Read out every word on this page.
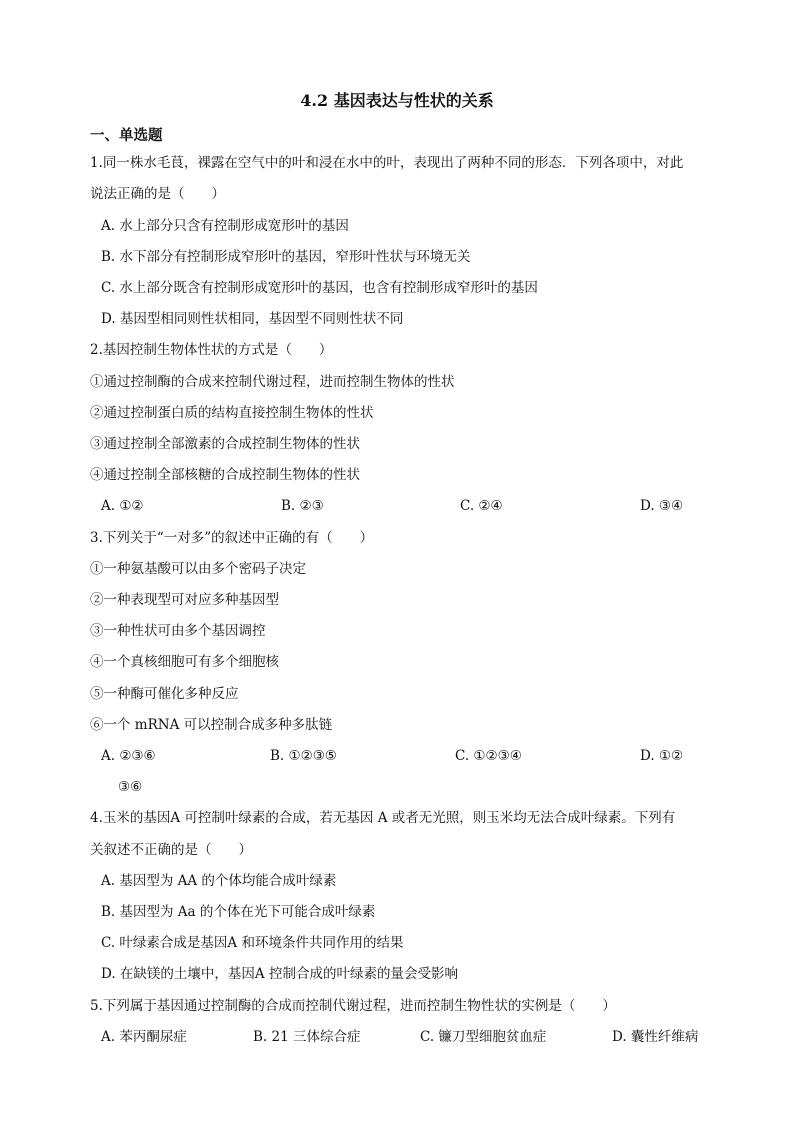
4.2 基因表达与性状的关系
一、单选题
1.同一株水毛茛，裸露在空气中的叶和浸在水中的叶，表现出了两种不同的形态．下列各项中，对此
说法正确的是（　　）
A. 水上部分只含有控制形成宽形叶的基因
B. 水下部分有控制形成窄形叶的基因，窄形叶性状与环境无关
C. 水上部分既含有控制形成宽形叶的基因，也含有控制形成窄形叶的基因
D. 基因型相同则性状相同，基因型不同则性状不同
2.基因控制生物体性状的方式是（　　）
①通过控制酶的合成来控制代谢过程，进而控制生物体的性状
②通过控制蛋白质的结构直接控制生物体的性状
③通过控制全部激素的合成控制生物体的性状
④通过控制全部核糖的合成控制生物体的性状
A. ①②	B. ②③	C. ②④	D. ③④
3.下列关于“一对多”的叙述中正确的有（　　）
①一种氨基酸可以由多个密码子决定
②一种表现型可对应多种基因型
③一种性状可由多个基因调控
④一个真核细胞可有多个细胞核
⑤一种酶可催化多种反应
⑥一个 mRNA 可以控制合成多种多肽链
A. ②③⑥	B. ①②③⑤	C. ①②③④	D. ①②
③⑥
4.玉米的基因A 可控制叶绿素的合成，若无基因 A 或者无光照，则玉米均无法合成叶绿素。下列有
关叙述不正确的是（　　）
A. 基因型为 AA 的个体均能合成叶绿素
B. 基因型为 Aa 的个体在光下可能合成叶绿素
C. 叶绿素合成是基因A 和环境条件共同作用的结果
D. 在缺镁的土壤中，基因A 控制合成的叶绿素的量会受影响
5.下列属于基因通过控制酶的合成而控制代谢过程，进而控制生物性状的实例是（　　）
A. 苯丙酮尿症	B. 21 三体综合症	C. 镰刀型细胞贫血症	D. 囊性纤维病
